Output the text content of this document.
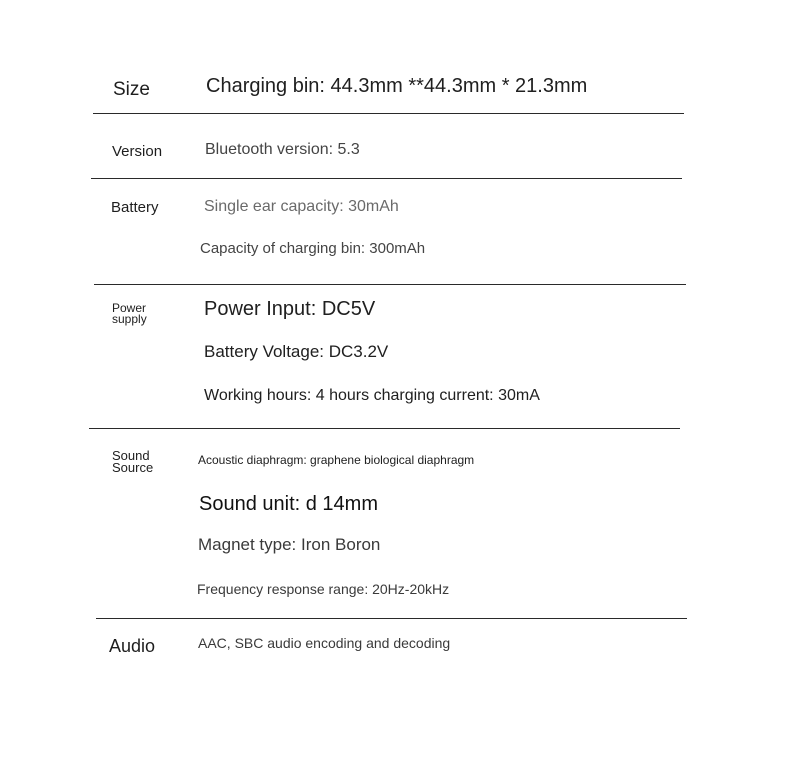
Size	Charging bin: 44.3mm **44.3mm * 21.3mm
Version	Bluetooth version: 5.3
Battery	Single ear capacity: 30mAh
Capacity of charging bin: 300mAh
Power
supply	Power Input: DC5V
Battery Voltage: DC3.2V
Working hours: 4 hours charging current: 30mA
Sound
Source	Acoustic diaphragm: graphene biological diaphragm
Sound unit: d 14mm
Magnet type: Iron Boron
Frequency response range: 20Hz-20kHz
Audio	AAC, SBC audio encoding and decoding
